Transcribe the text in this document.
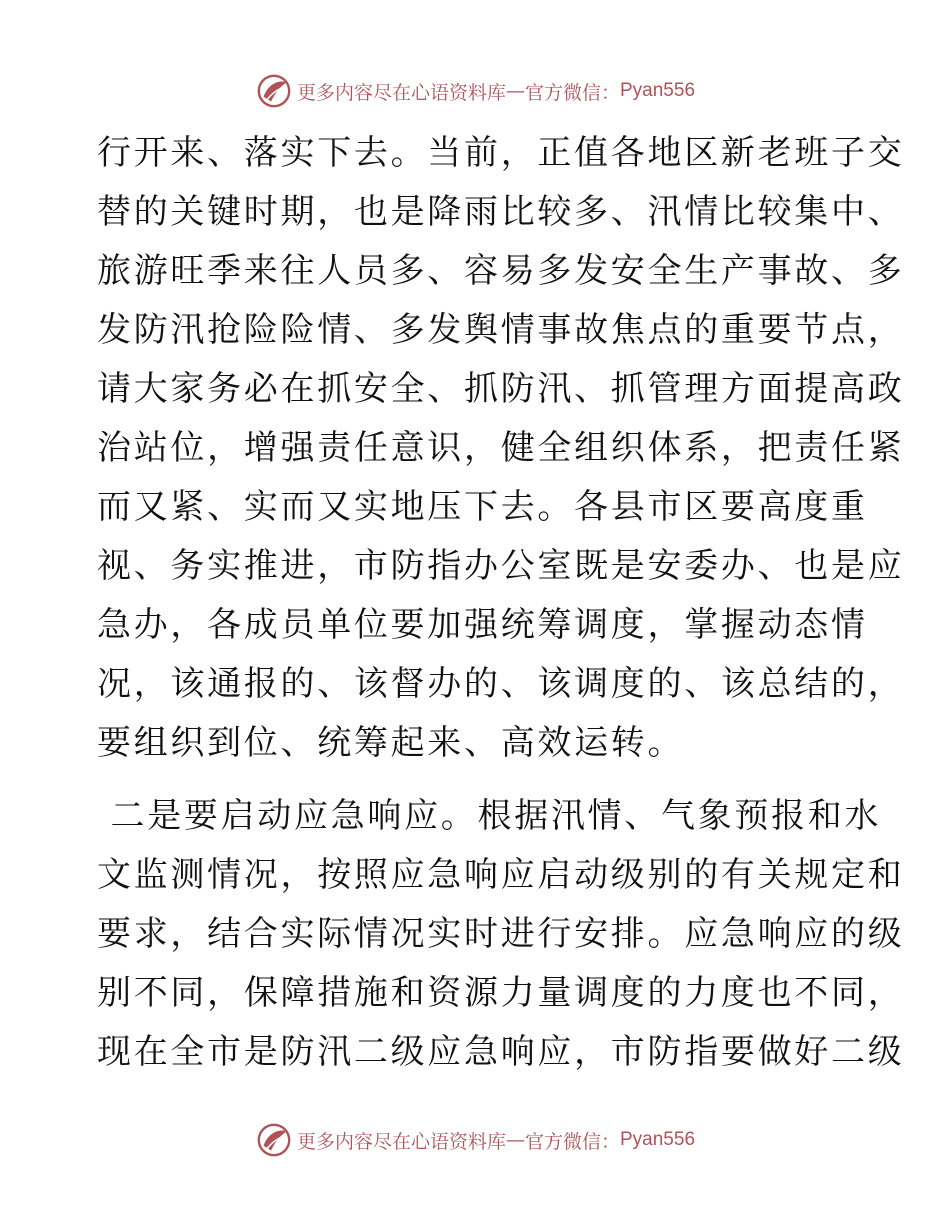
更多内容尽在心语资料库 — 官方微信： Pyan556
行开来、落实下去。当前，正值各地区新老班子交
替的关键时期，也是降雨比较多、汛情比较集中、
旅游旺季来往人员多、容易多发安全生产事故、多
发防汛抢险险情、多发舆情事故焦点的重要节点，
请大家务必在抓安全、抓防汛、抓管理方面提高政
治站位，增强责任意识，健全组织体系，把责任紧
而又紧、实而又实地压下去。各县市区要高度重
视、务实推进，市防指办公室既是安委办、也是应
急办，各成员单位要加强统筹调度，掌握动态情
况，该通报的、该督办的、该调度的、该总结的，
要组织到位、统筹起来、高效运转。
二是要启动应急响应。根据汛情、气象预报和水
文监测情况，按照应急响应启动级别的有关规定和
要求，结合实际情况实时进行安排。应急响应的级
别不同，保障措施和资源力量调度的力度也不同，
现在全市是防汛二级应急响应，市防指要做好二级
更多内容尽在心语资料库 — 官方微信： Pyan556
